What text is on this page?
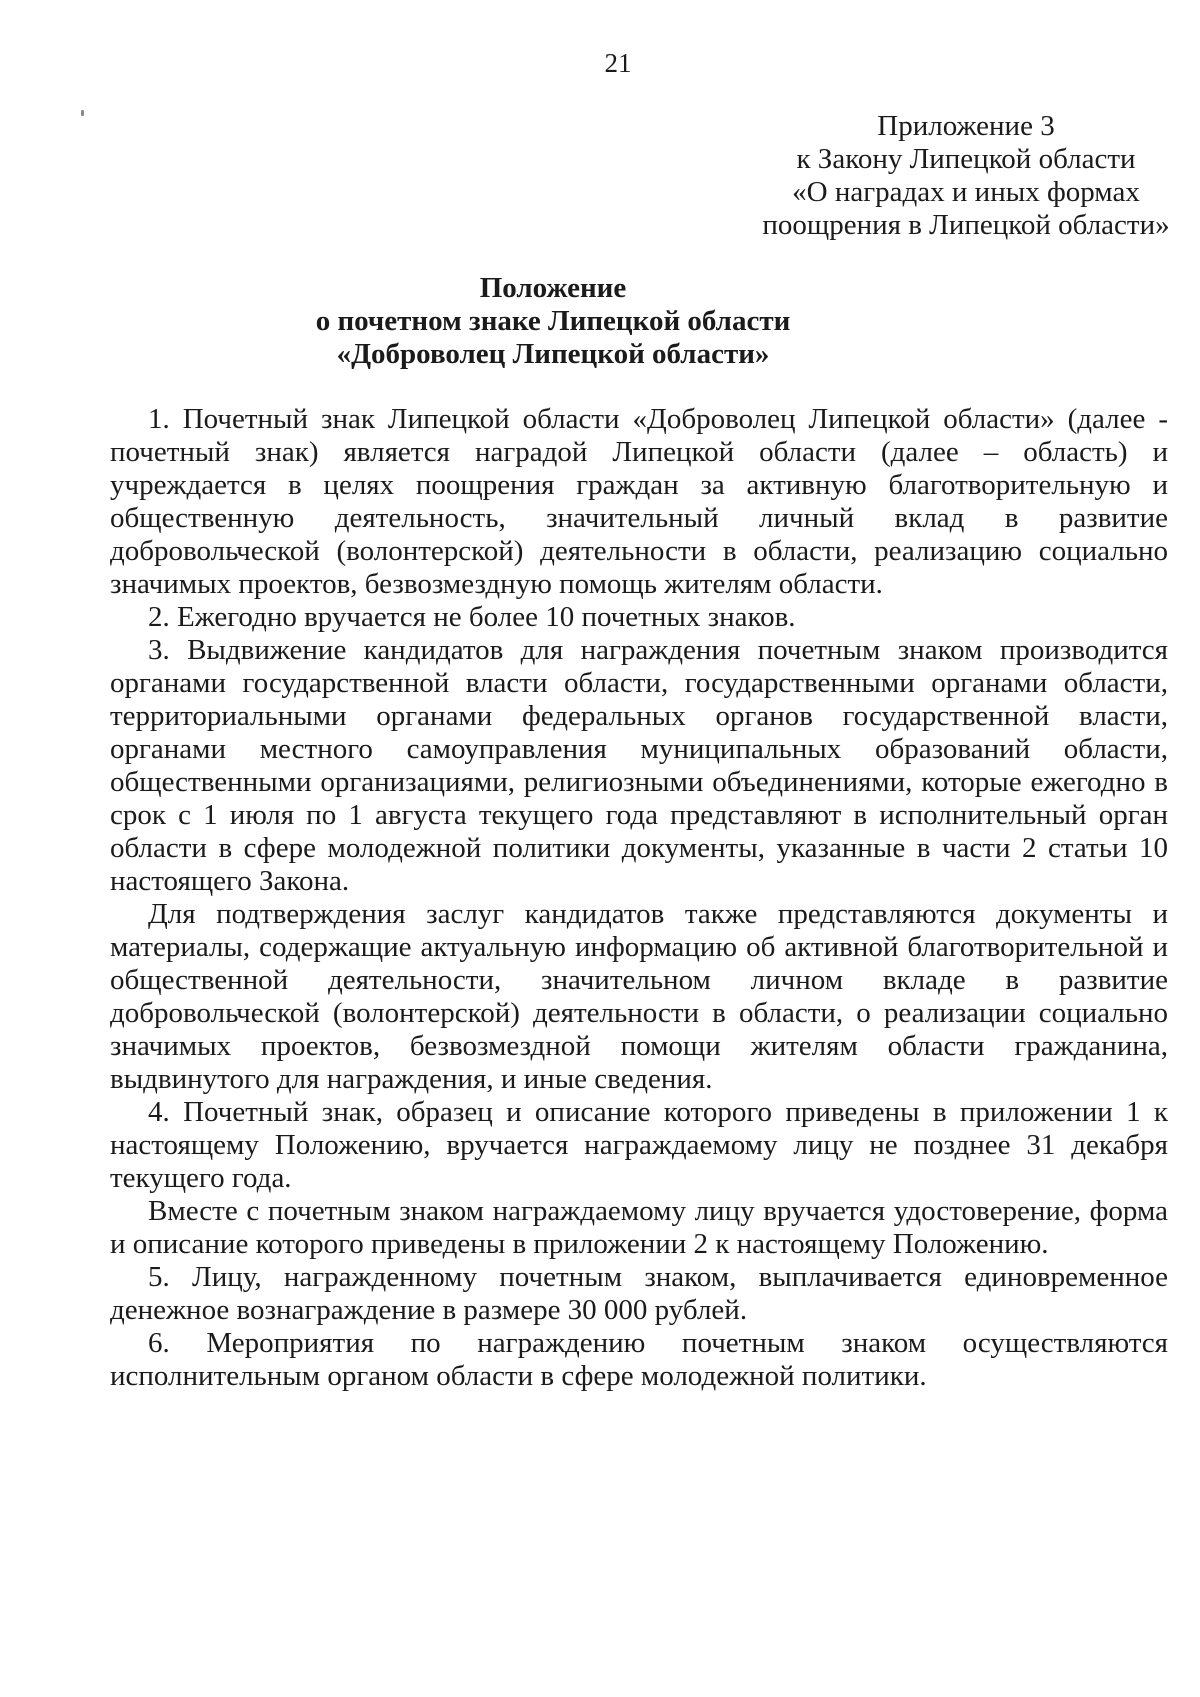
21
Приложение 3
к Закону Липецкой области
«О наградах и иных формах
поощрения в Липецкой области»
Положение
о почетном знаке Липецкой области
«Доброволец Липецкой области»

1. Почетный знак Липецкой области «Доброволец Липецкой области» (далее - почетный знак) является наградой Липецкой области (далее – область) и учреждается в целях поощрения граждан за активную благотворительную и общественную деятельность, значительный личный вклад в развитие добровольческой (волонтерской) деятельности в области, реализацию социально значимых проектов, безвозмездную помощь жителям области.

2. Ежегодно вручается не более 10 почетных знаков.

3. Выдвижение кандидатов для награждения почетным знаком производится органами государственной власти области, государственными органами области, территориальными органами федеральных органов государственной власти, органами местного самоуправления муниципальных образований области, общественными организациями, религиозными объединениями, которые ежегодно в срок с 1 июля по 1 августа текущего года представляют в исполнительный орган области в сфере молодежной политики документы, указанные в части 2 статьи 10 настоящего Закона.

Для подтверждения заслуг кандидатов также представляются документы и материалы, содержащие актуальную информацию об активной благотворительной и общественной деятельности, значительном личном вкладе в развитие добровольческой (волонтерской) деятельности в области, о реализации социально значимых проектов, безвозмездной помощи жителям области гражданина, выдвинутого для награждения, и иные сведения.

4. Почетный знак, образец и описание которого приведены в приложении 1 к настоящему Положению, вручается награждаемому лицу не позднее 31 декабря текущего года.

Вместе с почетным знаком награждаемому лицу вручается удостоверение, форма и описание которого приведены в приложении 2 к настоящему Положению.

5. Лицу, награжденному почетным знаком, выплачивается единовременное денежное вознаграждение в размере 30 000 рублей.

6. Мероприятия по награждению почетным знаком осуществляются исполнительным органом области в сфере молодежной политики.
